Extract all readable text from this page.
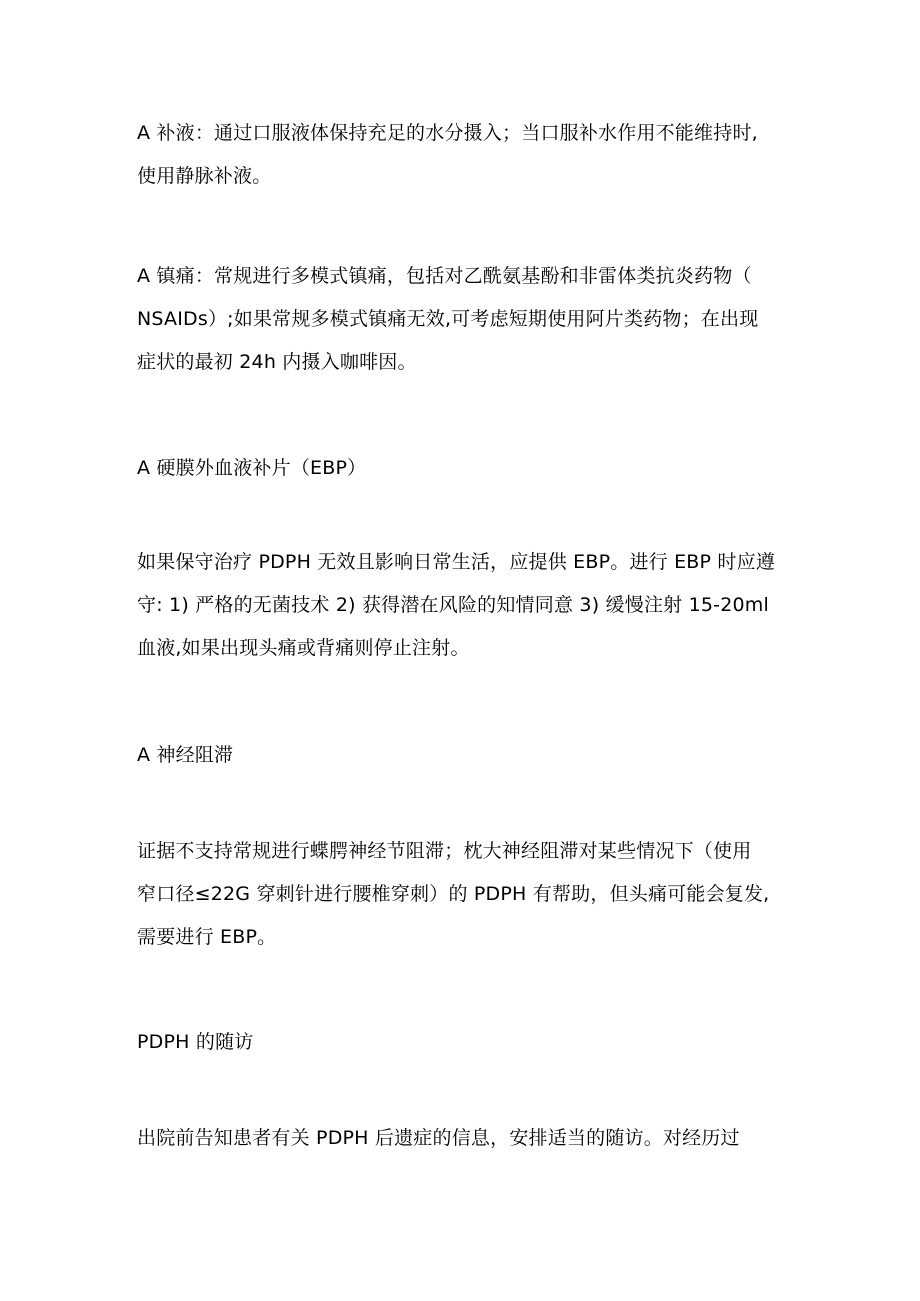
A 补液：通过口服液体保持充足的水分摄入；当口服补水作用不能维持时,
使用静脉补液。

A 镇痛：常规进行多模式镇痛，包括对乙酰氨基酚和非雷体类抗炎药物（
NSAIDs）;如果常规多模式镇痛无效,可考虑短期使用阿片类药物；在出现
症状的最初 24h 内摄入咖啡因。

A 硬膜外血液补片（EBP）

如果保守治疗 PDPH 无效且影响日常生活，应提供 EBP。进行 EBP 时应遵
守: 1) 严格的无菌技术 2) 获得潜在风险的知情同意 3) 缓慢注射 15-20ml
血液,如果出现头痛或背痛则停止注射。

A 神经阻滞

证据不支持常规进行蝶腭神经节阻滞；枕大神经阻滞对某些情况下（使用
窄口径≤22G 穿刺针进行腰椎穿刺）的 PDPH 有帮助，但头痛可能会复发,
需要进行 EBP。

PDPH 的随访

出院前告知患者有关 PDPH 后遗症的信息，安排适当的随访。对经历过
